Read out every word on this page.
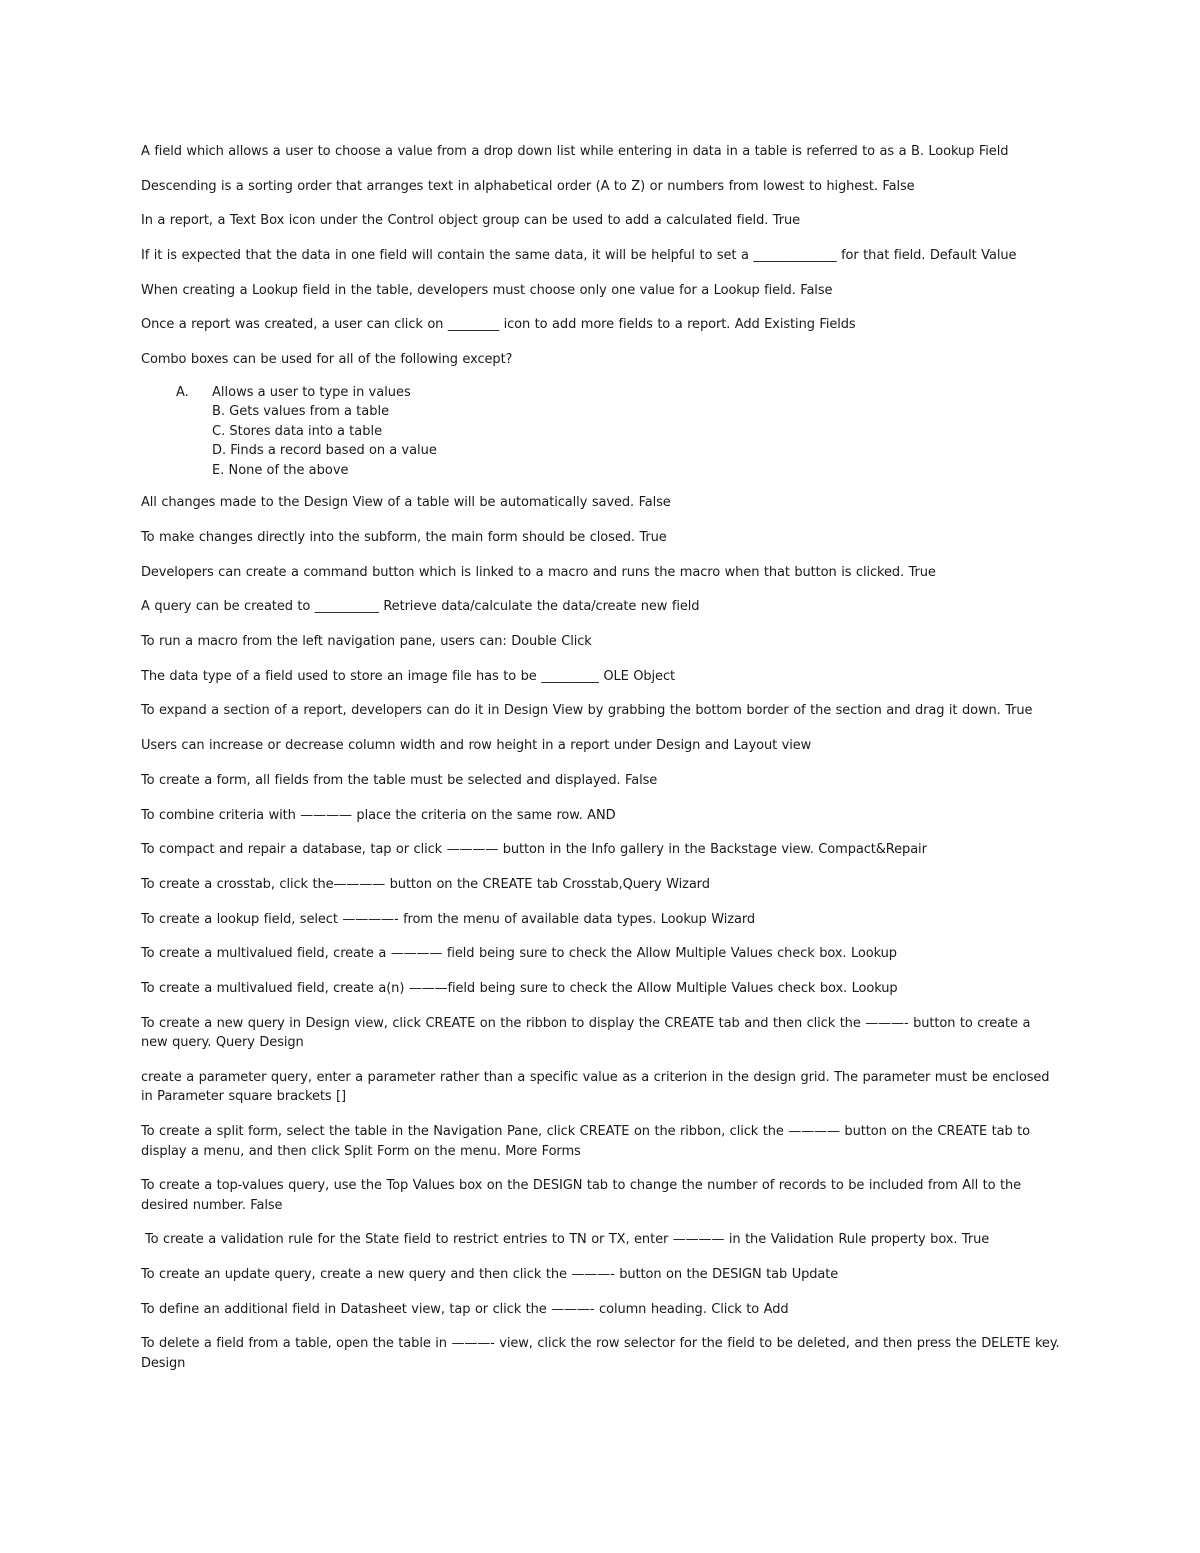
A field which allows a user to choose a value from a drop down list while entering in data in a table is referred to as a B. Lookup Field

Descending is a sorting order that arranges text in alphabetical order (A to Z) or numbers from lowest to highest. False

In a report, a Text Box icon under the Control object group can be used to add a calculated field. True

If it is expected that the data in one field will contain the same data, it will be helpful to set a _____________ for that field. Default Value

When creating a Lookup field in the table, developers must choose only one value for a Lookup field. False

Once a report was created, a user can click on ________ icon to add more fields to a report. Add Existing Fields

Combo boxes can be used for all of the following except?

A. Allows a user to type in values
B. Gets values from a table
C. Stores data into a table
D. Finds a record based on a value
E. None of the above

All changes made to the Design View of a table will be automatically saved. False

To make changes directly into the subform, the main form should be closed. True

Developers can create a command button which is linked to a macro and runs the macro when that button is clicked. True

A query can be created to __________ Retrieve data/calculate the data/create new field

To run a macro from the left navigation pane, users can: Double Click

The data type of a field used to store an image file has to be _________ OLE Object

To expand a section of a report, developers can do it in Design View by grabbing the bottom border of the section and drag it down. True

Users can increase or decrease column width and row height in a report under Design and Layout view

To create a form, all fields from the table must be selected and displayed. False

To combine criteria with ———— place the criteria on the same row. AND

To compact and repair a database, tap or click ———— button in the Info gallery in the Backstage view. Compact&Repair

To create a crosstab, click the———— button on the CREATE tab Crosstab,Query Wizard

To create a lookup field, select ————- from the menu of available data types. Lookup Wizard

To create a multivalued field, create a ———— field being sure to check the Allow Multiple Values check box. Lookup

To create a multivalued field, create a(n) ———field being sure to check the Allow Multiple Values check box. Lookup

To create a new query in Design view, click CREATE on the ribbon to display the CREATE tab and then click the ———- button to create a new query. Query Design

create a parameter query, enter a parameter rather than a specific value as a criterion in the design grid. The parameter must be enclosed in Parameter square brackets []

To create a split form, select the table in the Navigation Pane, click CREATE on the ribbon, click the ———— button on the CREATE tab to display a menu, and then click Split Form on the menu. More Forms

To create a top-values query, use the Top Values box on the DESIGN tab to change the number of records to be included from All to the desired number. False

To create a validation rule for the State field to restrict entries to TN or TX, enter ———— in the Validation Rule property box. True

To create an update query, create a new query and then click the ———- button on the DESIGN tab Update

To define an additional field in Datasheet view, tap or click the ———- column heading. Click to Add

To delete a field from a table, open the table in ———- view, click the row selector for the field to be deleted, and then press the DELETE key. Design
